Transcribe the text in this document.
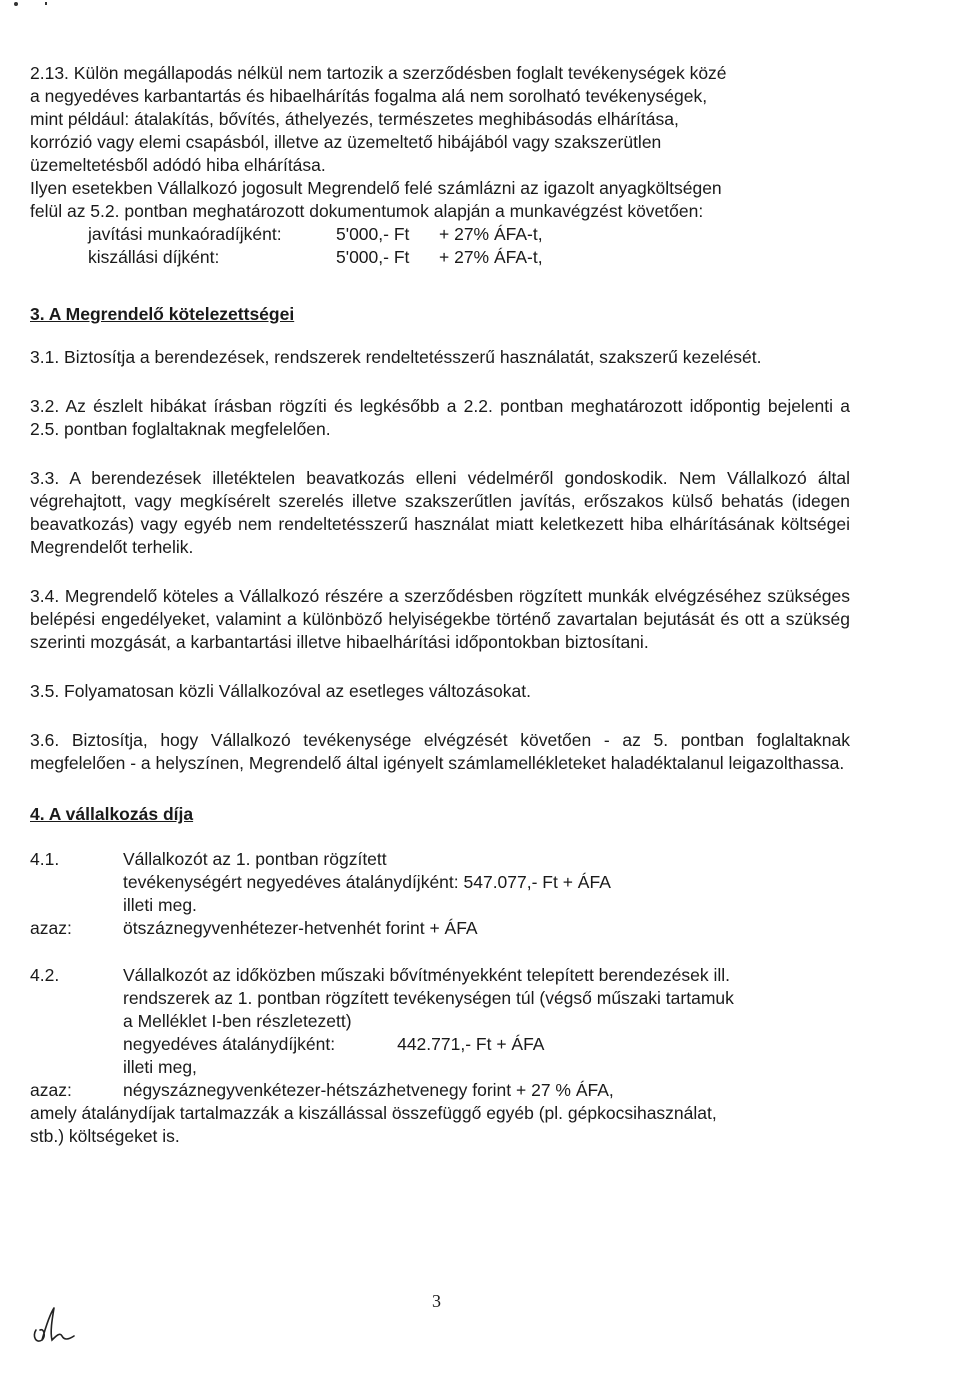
2.13. Külön megállapodás nélkül nem tartozik a szerződésben foglalt tevékenységek közé

a negyedéves karbantartás és hibaelhárítás fogalma alá nem sorolható tevékenységek,

mint például: átalakítás, bővítés, áthelyezés, természetes meghibásodás elhárítása,

korrózió vagy elemi csapásból, illetve az üzemeltető hibájából vagy szakszerütlen

üzemeltetésből adódó hiba elhárítása.

Ilyen esetekben Vállalkozó jogosult Megrendelő felé számlázni az igazolt anyagköltségen

felül az 5.2. pontban meghatározott dokumentumok alapján a munkavégzést követően:

javítási munkaóradíjként:	5'000,- Ft	+ 27% ÁFA-t,
kiszállási díjként:	5'000,- Ft	+ 27% ÁFA-t,

3. A Megrendelő kötelezettségei

3.1. Biztosítja a berendezések, rendszerek rendeltetésszerű használatát, szakszerű kezelését.

3.2. Az észlelt hibákat írásban rögzíti és legkésőbb a 2.2. pontban meghatározott időpontig bejelenti a 2.5. pontban foglaltaknak megfelelően.

3.3. A berendezések illetéktelen beavatkozás elleni védelméről gondoskodik. Nem Vállalkozó által végrehajtott, vagy megkísérelt szerelés illetve szakszerűtlen javítás, erőszakos külső behatás (idegen beavatkozás) vagy egyéb nem rendeltetésszerű használat miatt keletkezett hiba elhárításának költségei Megrendelőt terhelik.

3.4. Megrendelő köteles a Vállalkozó részére a szerződésben rögzített munkák elvégzéséhez szükséges belépési engedélyeket, valamint a különböző helyiségekbe történő zavartalan bejutását és ott a szükség szerinti mozgását, a karbantartási illetve hibaelhárítási időpontokban biztosítani.

3.5. Folyamatosan közli Vállalkozóval az esetleges változásokat.

3.6. Biztosítja, hogy Vállalkozó tevékenysége elvégzését követően - az 5. pontban foglaltaknak megfelelően - a helyszínen, Megrendelő által igényelt számlamellékleteket haladéktalanul leigazolthassa.

4. A vállalkozás díja

4.1.	Vállalkozót az 1. pontban rögzített

tevékenységért negyedéves átalánydíjként: 547.077,- Ft + ÁFA

illeti meg.

azaz:	ötszáznegyvenhétezer-hetvenhét forint + ÁFA
4.2.	Vállalkozót az időközben műszaki bővítményekként telepített berendezések ill.

rendszerek az 1. pontban rögzített tevékenységen túl (végső műszaki tartamuk

a Melléklet I-ben részletezett)

negyedéves átalánydíjként:	442.771,- Ft + ÁFA

illeti meg,

azaz:	négyszáznegyvenkétezer-hétszázhetvenegy forint + 27 % ÁFA,

amely átalánydíjak tartalmazzák a kiszállással összefüggő egyéb (pl. gépkocsihasználat,

stb.) költségeket is.

3
